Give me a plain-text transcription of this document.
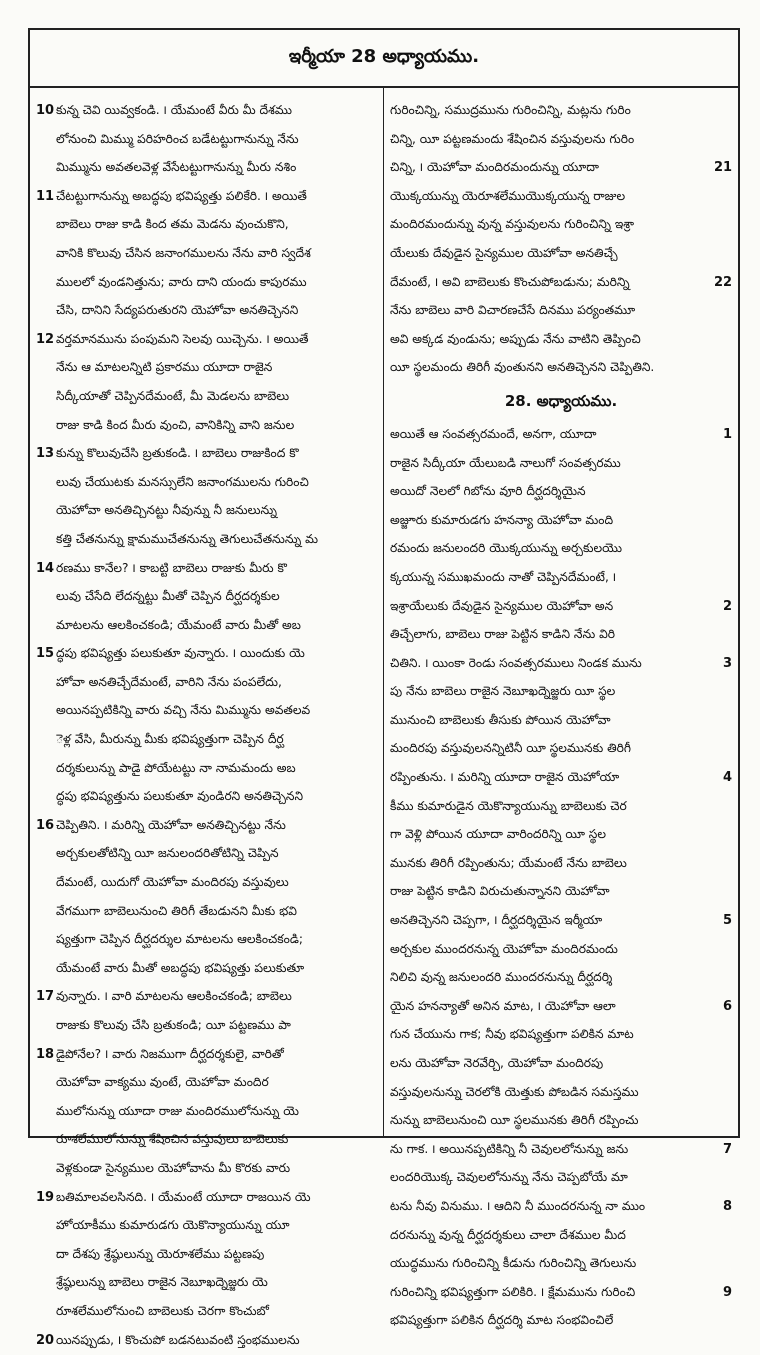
ఇర్మీయా 28 అధ్యాయము.
10 కున్న చెవి యివ్వకండి. ౹ యేమంటే వీరు మీ దేశము
లోనుంచి మిమ్ము పరిహరించ బడేటట్టుగానున్ను నేను
మిమ్మును అవతలవెళ్ల వేసేటట్టుగానున్ను మీరు నశిం
11 చేటట్టుగానున్ను అబద్ధపు భవిష్యత్తు పలికేరి. ౹ అయితే
బాబెలు రాజు కాడి కింద తమ మెడను వుంచుకొని,
వానికి కొలువు చేసిన జనాంగములను నేను వారి స్వదేశ
ములలో వుండనిత్తును; వారు దాని యందు కాపురము
చేసి, దానిని సేద్యపరుతురని యెహోవా అనతిచ్చెనని
12 వర్తమానమును పంపుమని సెలవు యిచ్చెను. ౹ అయితే
నేను ఆ మాటలన్నిటి ప్రకారము యూదా రాజైన
సిద్కీయాతో చెప్పినదేమంటే, మీ మెడలను బాబెలు
రాజు కాడి కింద మీరు వుంచి, వానికిన్ని వాని జనుల
13 కున్ను కొలువుచేసి బ్రతుకండి. ౹ బాబెలు రాజుకింద కొ
లువు చేయుటకు మనస్సులేని జనాంగములను గురించి
యెహోవా అనతిచ్చినట్టు నీవున్ను నీ జనులున్ను
కత్తి చేతనున్ను క్షామముచేతనున్ను తెగులుచేతనున్ను మ
14 రణము కానేల? ౹ కాబట్టి బాబెలు రాజుకు మీరు కొ
లువు చేసేది లేదన్నట్టు మీతో చెప్పిన దీర్ఘదర్శకుల
మాటలను ఆలకించకండి; యేమంటే వారు మీతో అబ
15 ద్ధపు భవిష్యత్తు పలుకుతూ వున్నారు. ౹ యిందుకు యె
హోవా అనతిచ్చేదేమంటే, వారిని నేను పంపలేదు,
అయినప్పటికిన్ని వారు వచ్చి నేను మిమ్మును అవతలవ
ెళ్ల వేసి, మీరున్ను మీకు భవిష్యత్తుగా చెప్పిన దీర్ఘ
దర్శకులున్ను పాడై పోయేటట్టు నా నామమందు అబ
ద్ధపు భవిష్యత్తును పలుకుతూ వుండిరని అనతిచ్చెనని
16 చెప్పితిని. ౹ మరిన్ని యెహోవా అనతిచ్చినట్టు నేను
అర్చకులతోటిన్ని యీ జనులందరితోటిన్ని చెప్పిన
దేమంటే, యిదుగో యెహోవా మందిరపు వస్తువులు
వేగముగా బాబెలునుంచి తిరిగీ తేబడునని మీకు భవి
ష్యత్తుగా చెప్పిన దీర్ఘదర్శుల మాటలను ఆలకించకండి;
యేమంటే వారు మీతో అబద్ధపు భవిష్యత్తు పలుకుతూ
17 వున్నారు. ౹ వారి మాటలను ఆలకించకండి; బాబెలు
రాజుకు కొలువు చేసి బ్రతుకండి; యీ పట్టణము పా
18 డైపోనేల? ౹ వారు నిజముగా దీర్ఘదర్శకులై, వారితో
యెహోవా వాక్యము వుంటే, యెహోవా మందిర
ములోనున్ను యూదా రాజు మందిరములోనున్ను యె
రూశలేములోనున్ను శేషించిన వస్తువులు బాబెలుకు
వెళ్లకుండా సైన్యముల యెహోవాను మీ కొరకు వారు
19 బతిమాలవలసినది. ౹ యేమంటే యూదా రాజయిన యె
హోయాకీము కుమారుడగు యెకొన్యాయున్ను యూ
దా దేశపు శ్రేష్ఠులున్ను యెరూశలేము పట్టణపు
శ్రేష్ఠులున్ను బాబెలు రాజైన నెబూఖద్నెజ్జరు యె
రూశలేములోనుంచి బాబెలుకు చెరగా కొంచుబో
20 యినప్పుడు, ౹ కొంచుపో బడనటువంటి స్తంభములను
గురించిన్ని, సముద్రమును గురించిన్ని, మట్లను గురిం
చిన్ని, యీ పట్టణమందు శేషించిన వస్తువులను గురిం
చిన్ని, ౹ యెహోవా మందిరమందున్ను యూదా	21
యొక్కయున్ను యెరూశలేముయొక్కయున్న రాజుల
మందిరమందున్ను వున్న వస్తువులను గురించిన్ని ఇశ్రా
యేలుకు దేవుడైన సైన్యముల యెహోవా అనతిచ్చే
దేమంటే, ౹ అవి బాబెలుకు కొంచుపోబడును; మరిన్ని	22
నేను బాబెలు వారి విచారణచేసే దినము పర్యంతమూ
అవి అక్కడ వుండును; అప్పుడు నేను వాటిని తెప్పించి
యీ స్థలమందు తిరిగీ వుంతునని అనతిచ్చెనని చెప్పితిని.
28. అధ్యాయము.
అయితే ఆ సంవత్సరమందే, అనగా, యూదా	1
రాజైన సిద్కీయా యేలుబడి నాలుగో సంవత్సరము
అయిదో నెలలో గిబోను వూరి దీర్ఘదర్శియైన
అజ్జూరు కుమారుడగు హనన్యా యెహోవా మంది
రమందు జనులందరి యొక్కయున్ను అర్చకులయొ
క్కయున్న సముఖమందు నాతో చెప్పినదేమంటే, ౹
ఇశ్రాయేలుకు దేవుడైన సైన్యముల యెహోవా అన	2
తిచ్చేలాగు, బాబెలు రాజు పెట్టిన కాడిని నేను విరి
చితిని. ౹ యింకా రెండు సంవత్సరములు నిండక మును	3
పు నేను బాబెలు రాజైన నెబూఖద్నెజ్జరు యీ స్థల
మునుంచి బాబెలుకు తీసుకు పోయిన యెహోవా
మందిరపు వస్తువులనన్నిటినీ యీ స్థలమునకు తిరిగీ
రప్పింతును. ౹ మరిన్ని యూదా రాజైన యెహోయా	4
కీము కుమారుడైన యెకొన్యాయున్ను బాబెలుకు చెర
గా వెళ్లి పోయిన యూదా వారిందరిన్ని యీ స్థల
మునకు తిరిగీ రప్పింతును; యేమంటే నేను బాబెలు
రాజు పెట్టిన కాడిని విరుచుతున్నానని యెహోవా
అనతిచ్చెనని చెప్పగా, ౹ దీర్ఘదర్శియైన ఇర్మీయా	5
అర్చకుల ముందరనున్న యెహోవా మందిరమందు
నిలిచి వున్న జనులందరి ముందరనున్ను దీర్ఘదర్శి
యైన హనన్యాతో అనిన మాట, ౹ యెహోవా ఆలా	6
గున చేయును గాక; నీవు భవిష్యత్తుగా పలికిన మాట
లను యెహోవా నెరవేర్చి, యెహోవా మందిరపు
వస్తువులనున్ను చెరలోకి యెత్తుకు పోబడిన సమస్తము
నున్ను బాబెలునుంచి యీ స్థలమునకు తిరిగీ రప్పించు
ను గాక. ౹ అయినప్పటికిన్ని నీ చెవులలోనున్ను జను	7
లందరియొక్క చెవులలోనున్ను నేను చెప్పబోయే మా
టను నీవు వినుము. ౹ ఆదిని నీ ముందరనున్న నా ముం	8
దరనున్ను వున్న దీర్ఘదర్శకులు చాలా దేశముల మీద
యుద్ధమును గురించిన్ని కీడును గురించిన్ని తెగులును
గురించిన్ని భవిష్యత్తుగా పలికిరి. ౹ క్షేమమును గురించి	9
భవిష్యత్తుగా పలికిన దీర్ఘదర్శి మాట సంభవించిలే
